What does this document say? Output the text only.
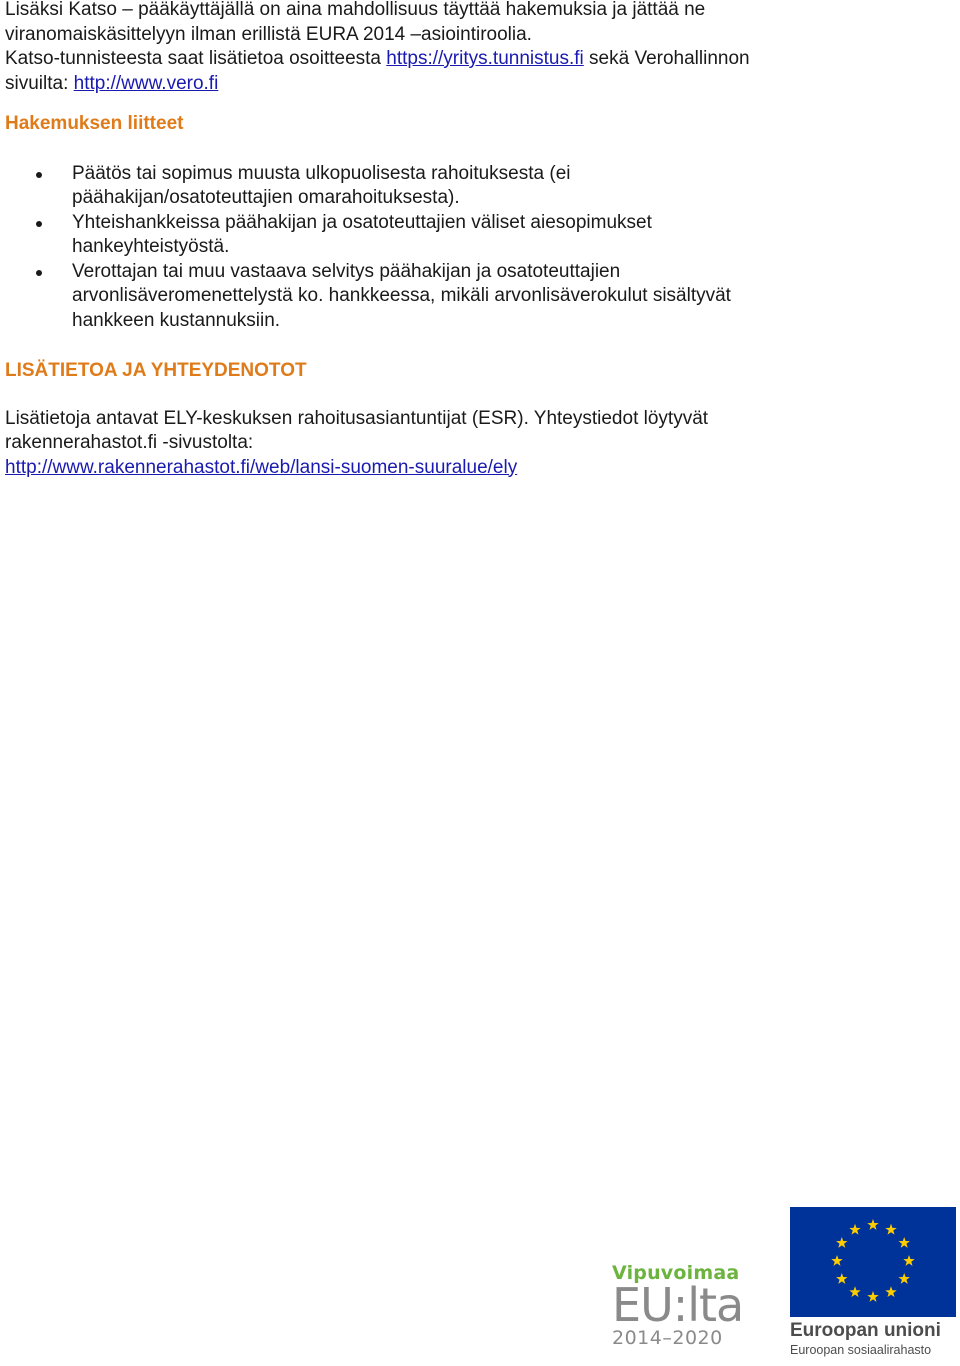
Lisäksi Katso – pääkäyttäjällä on aina mahdollisuus täyttää hakemuksia ja jättää ne

viranomaiskäsittelyyn ilman erillistä EURA 2014 –asiointiroolia.

Katso-tunnisteesta saat lisätietoa osoitteesta https://yritys.tunnistus.fi sekä Verohallinnon

sivuilta: http://www.vero.fi

Hakemuksen liitteet

Päätös tai sopimus muusta ulkopuolisesta rahoituksesta (ei
päähakijan/osatoteuttajien omarahoituksesta).
Yhteishankkeissa päähakijan ja osatoteuttajien väliset aiesopimukset
hankeyhteistyöstä.
Verottajan tai muu vastaava selvitys päähakijan ja osatoteuttajien
arvonlisäveromenettelystä ko. hankkeessa, mikäli arvonlisäverokulut sisältyvät
hankkeen kustannuksiin.

LISÄTIETOA JA YHTEYDENOTOT

Lisätietoja antavat ELY-keskuksen rahoitusasiantuntijat (ESR). Yhteystiedot löytyvät

rakennerahastot.fi -sivustolta:

http://www.rakennerahastot.fi/web/lansi-suomen-suuralue/ely

Vipuvoimaa
EU:lta
2014–2020	Euroopan unioni
Euroopan sosiaalirahasto
